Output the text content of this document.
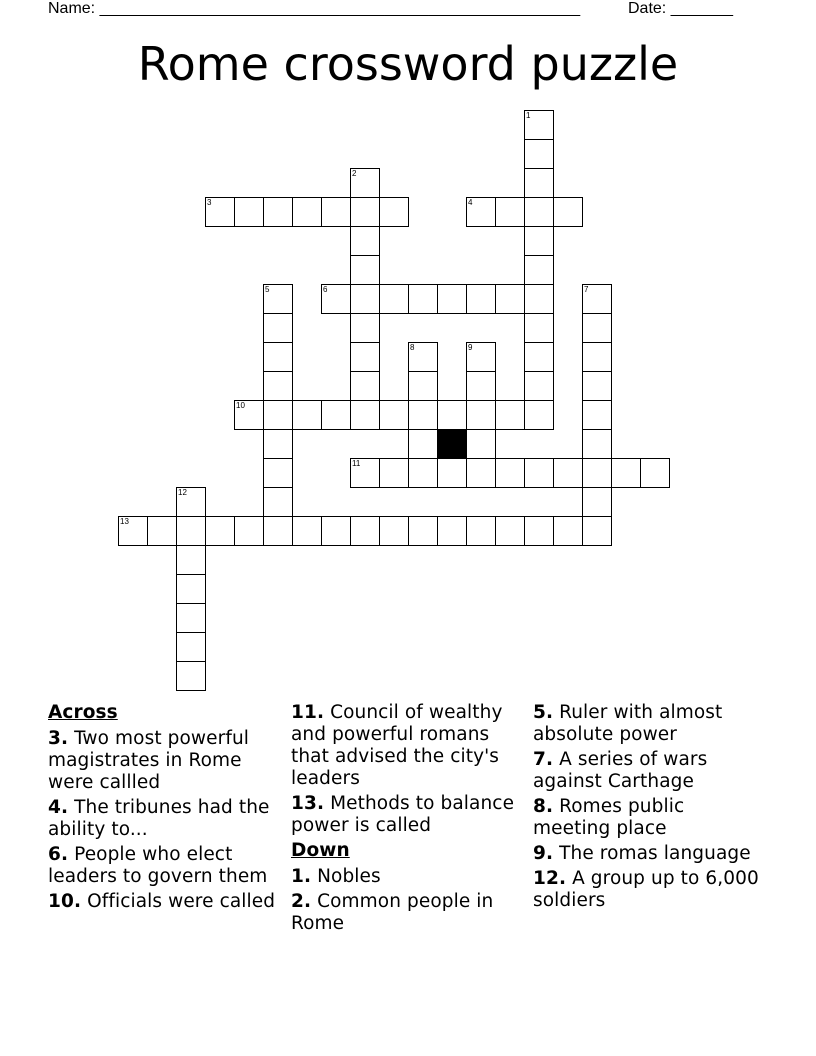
Name: ______________________________________________________	Date: _______
Rome crossword puzzle
1
2
3	4
5	6	7
8	9
10
11
12
13
Across
3. Two most powerful magistrates in Rome were callled
4. The tribunes had the ability to...
6. People who elect leaders to govern them
10. Officials were called
11. Council of wealthy and powerful romans that advised the city's leaders
13. Methods to balance power is called
Down
1. Nobles
2. Common people in Rome
5. Ruler with almost absolute power
7. A series of wars against Carthage
8. Romes public meeting place
9. The romas language
12. A group up to 6,000 soldiers
